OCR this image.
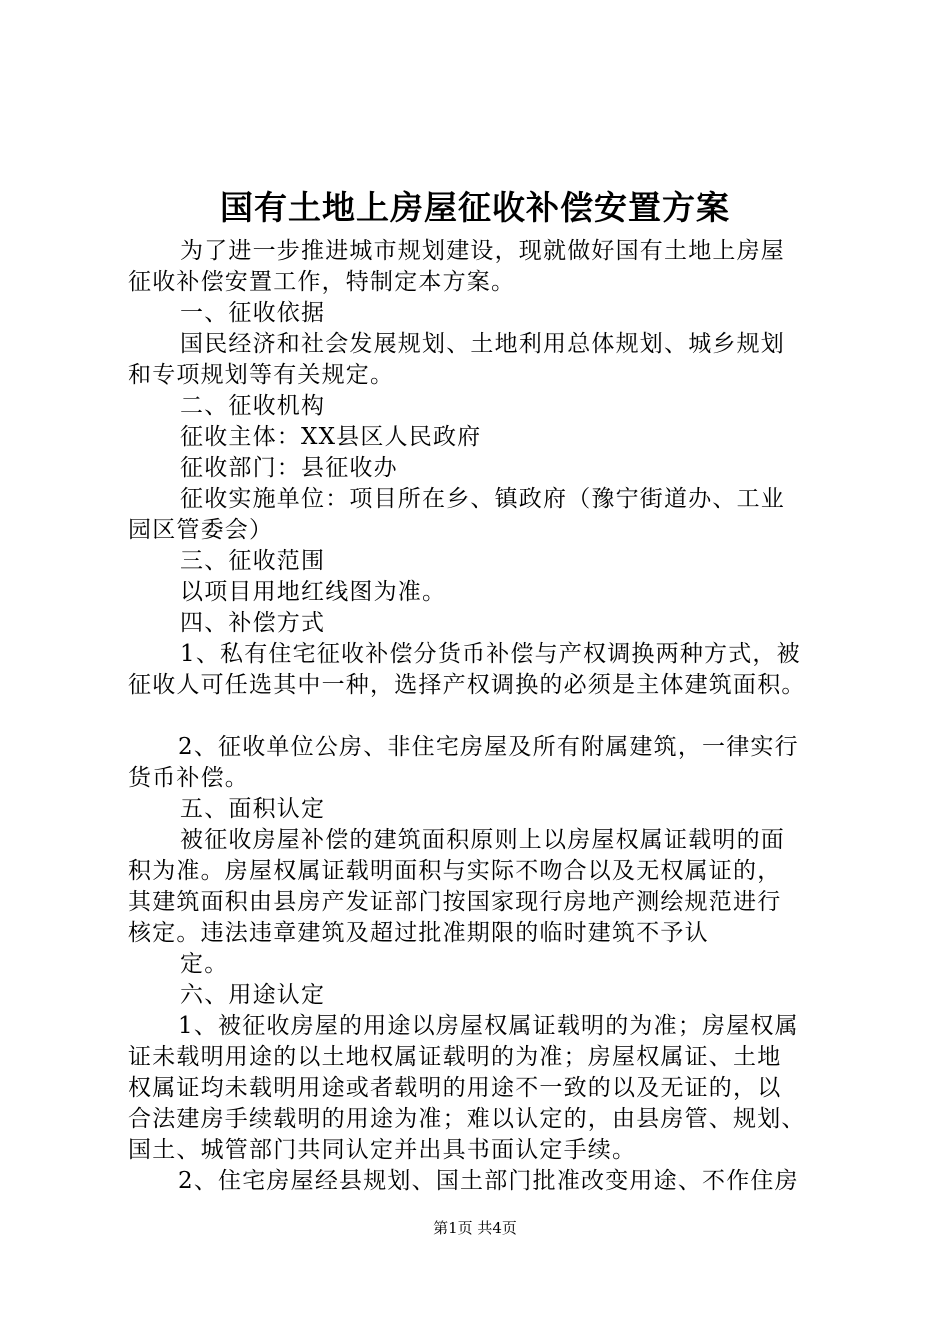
国有土地上房屋征收补偿安置方案
为了进一步推进城市规划建设，现就做好国有土地上房屋
征收补偿安置工作，特制定本方案。
一、征收依据
国民经济和社会发展规划、土地利用总体规划、城乡规划
和专项规划等有关规定。
二、征收机构
征收主体：XX县区人民政府
征收部门：县征收办
征收实施单位：项目所在乡、镇政府（豫宁街道办、工业
园区管委会）
三、征收范围
以项目用地红线图为准。
四、补偿方式
1、私有住宅征收补偿分货币补偿与产权调换两种方式，被
征收人可任选其中一种，选择产权调换的必须是主体建筑面积。
2、征收单位公房、非住宅房屋及所有附属建筑，一律实行
货币补偿。
五、面积认定
被征收房屋补偿的建筑面积原则上以房屋权属证载明的面
积为准。房屋权属证载明面积与实际不吻合以及无权属证的，
其建筑面积由县房产发证部门按国家现行房地产测绘规范进行
核定。违法违章建筑及超过批准期限的临时建筑不予认
定。
六、用途认定
1、被征收房屋的用途以房屋权属证载明的为准；房屋权属
证未载明用途的以土地权属证载明的为准；房屋权属证、土地
权属证均未载明用途或者载明的用途不一致的以及无证的，以
合法建房手续载明的用途为准；难以认定的，由县房管、规划、
国土、城管部门共同认定并出具书面认定手续。
2、住宅房屋经县规划、国土部门批准改变用途、不作住房
第1页 共4页
